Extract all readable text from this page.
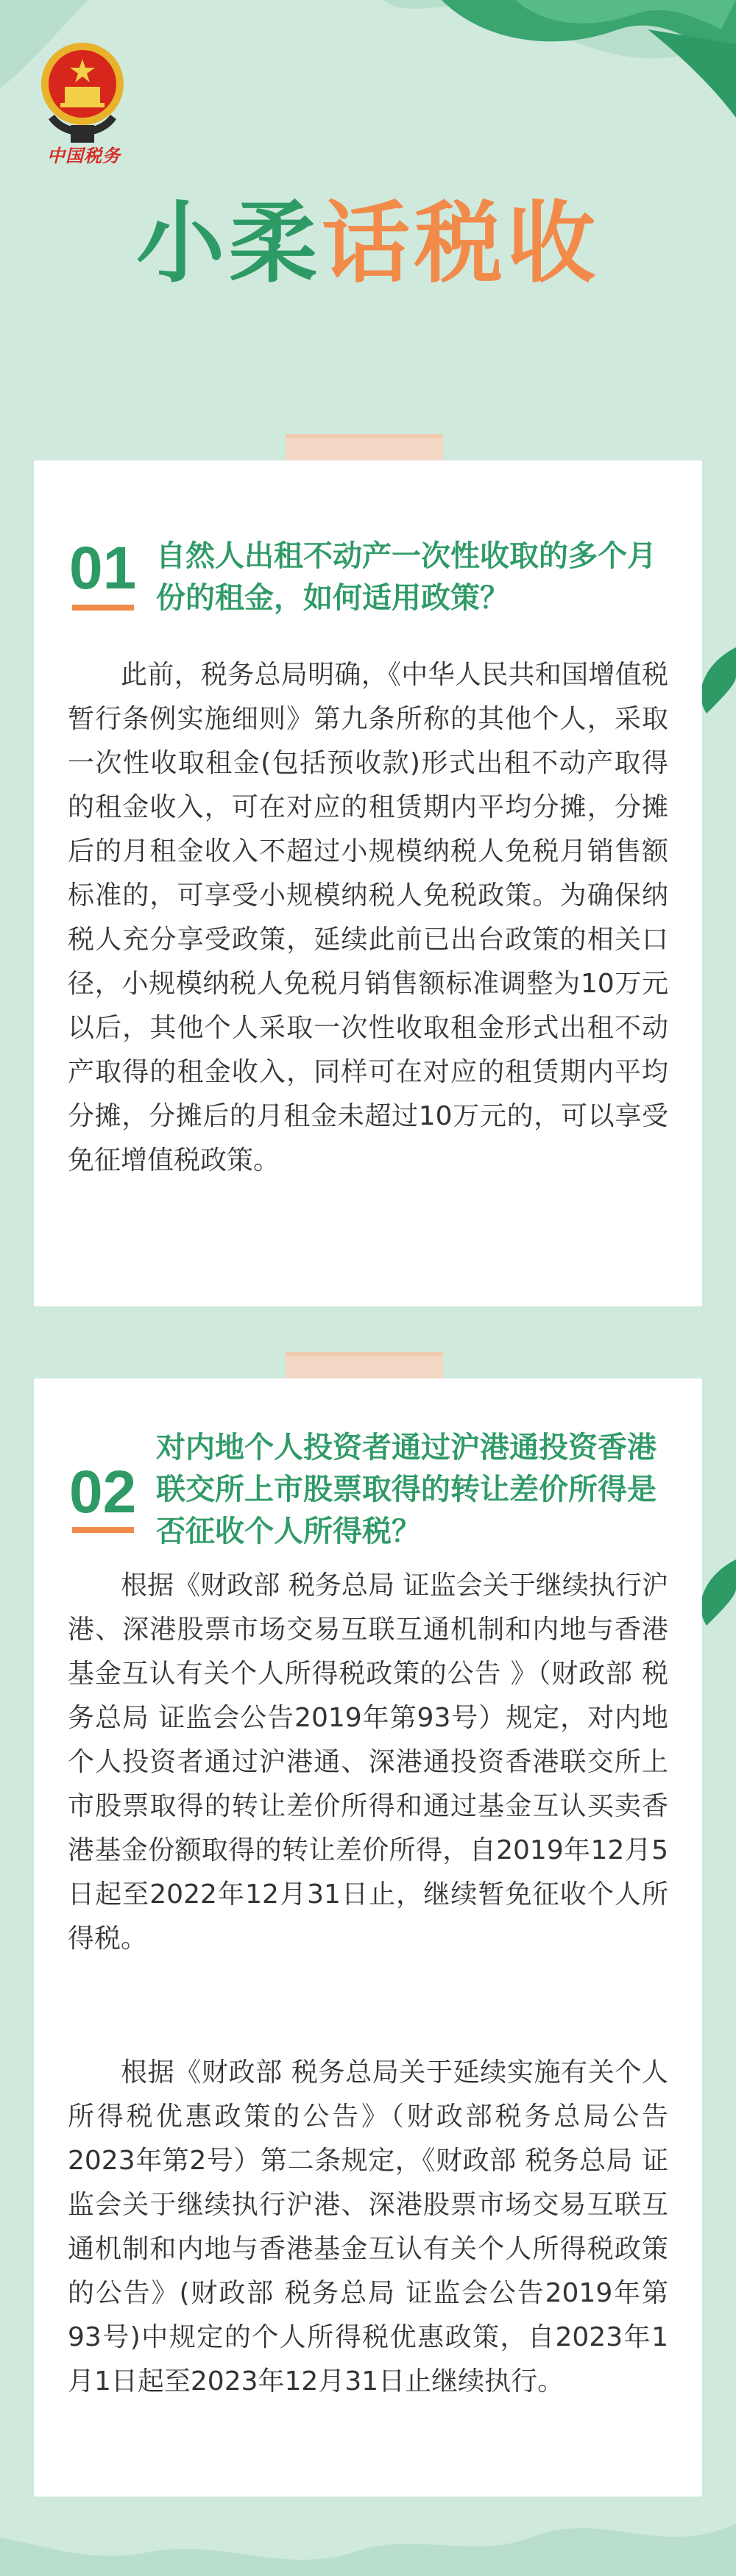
中国税务
小柔话税收
01 自然人出租不动产一次性收取的多个月份的租金，如何适用政策？

此前，税务总局明确，《中华人民共和国增值税暂行条例实施细则》第九条所称的其他个人，采取一次性收取租金(包括预收款)形式出租不动产取得的租金收入，可在对应的租赁期内平均分摊，分摊后的月租金收入不超过小规模纳税人免税月销售额标准的，可享受小规模纳税人免税政策。为确保纳税人充分享受政策，延续此前已出台政策的相关口径，小规模纳税人免税月销售额标准调整为10万元以后，其他个人采取一次性收取租金形式出租不动产取得的租金收入，同样可在对应的租赁期内平均分摊，分摊后的月租金未超过10万元的，可以享受免征增值税政策。

02

对内地个人投资者通过沪港通投资香港联交所上市股票取得的转让差价所得是否征收个人所得税？

根据《财政部 税务总局 证监会关于继续执行沪港、深港股票市场交易互联互通机制和内地与香港基金互认有关个人所得税政策的公告 》（财政部 税务总局 证监会公告2019年第93号）规定，对内地个人投资者通过沪港通、深港通投资香港联交所上市股票取得的转让差价所得和通过基金互认买卖香港基金份额取得的转让差价所得，自2019年12月5日起至2022年12月31日止，继续暂免征收个人所得税。

根据《财政部 税务总局关于延续实施有关个人所得税优惠政策的公告》（财政部税务总局公告2023年第2号）第二条规定，《财政部 税务总局 证监会关于继续执行沪港、深港股票市场交易互联互通机制和内地与香港基金互认有关个人所得税政策的公告》(财政部 税务总局 证监会公告2019年第93号)中规定的个人所得税优惠政策，自2023年1月1日起至2023年12月31日止继续执行。
